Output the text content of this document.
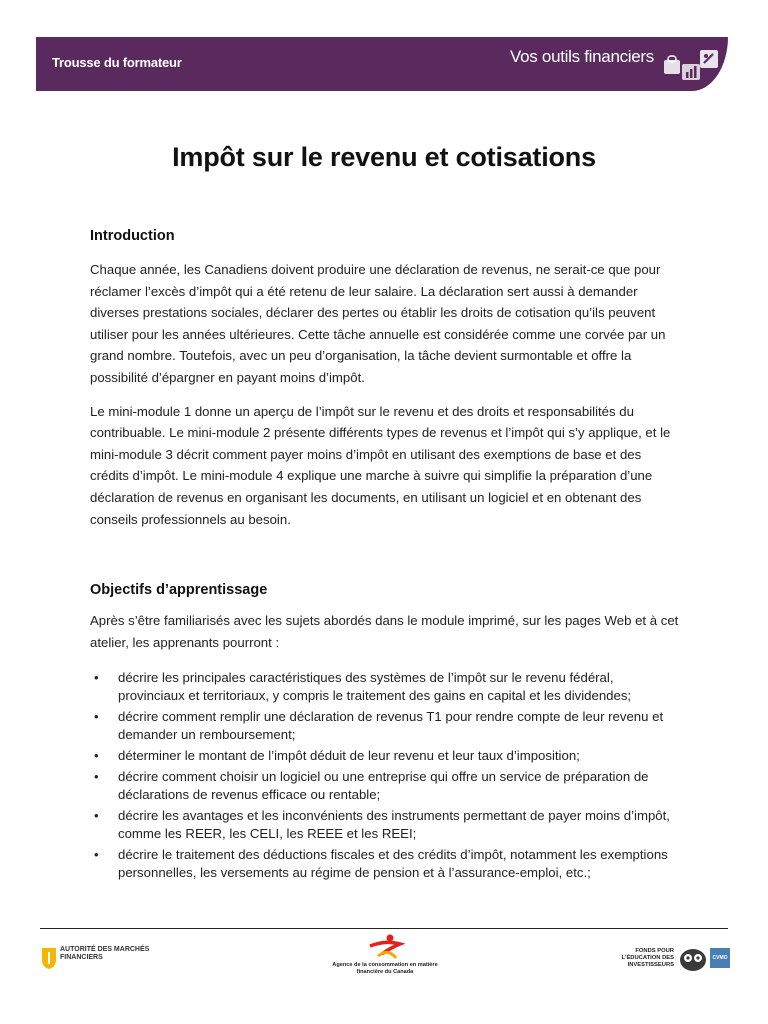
Trousse du formateur	Vos outils financiers
Impôt sur le revenu et cotisations
Introduction

Chaque année, les Canadiens doivent produire une déclaration de revenus, ne serait-ce que pour réclamer l’excès d’impôt qui a été retenu de leur salaire. La déclaration sert aussi à demander diverses prestations sociales, déclarer des pertes ou établir les droits de cotisation qu’ils peuvent utiliser pour les années ultérieures. Cette tâche annuelle est considérée comme une corvée par un grand nombre. Toutefois, avec un peu d’organisation, la tâche devient surmontable et offre la possibilité d’épargner en payant moins d’impôt.

Le mini-module 1 donne un aperçu de l’impôt sur le revenu et des droits et responsabilités du contribuable. Le mini-module 2 présente différents types de revenus et l’impôt qui s’y applique, et le mini-module 3 décrit comment payer moins d’impôt en utilisant des exemptions de base et des crédits d’impôt. Le mini-module 4 explique une marche à suivre qui simplifie la préparation d’une déclaration de revenus en organisant les documents, en utilisant un logiciel et en obtenant des conseils professionnels au besoin.

Objectifs d’apprentissage

Après s’être familiarisés avec les sujets abordés dans le module imprimé, sur les pages Web et à cet atelier, les apprenants pourront :

• décrire les principales caractéristiques des systèmes de l’impôt sur le revenu fédéral, provinciaux et territoriaux, y compris le traitement des gains en capital et les dividendes;
• décrire comment remplir une déclaration de revenus T1 pour rendre compte de leur revenu et demander un remboursement;
• déterminer le montant de l’impôt déduit de leur revenu et leur taux d’imposition;
• décrire comment choisir un logiciel ou une entreprise qui offre un service de préparation de déclarations de revenus efficace ou rentable;
• décrire les avantages et les inconvénients des instruments permettant de payer moins d’impôt, comme les REER, les CELI, les REEE et les REEI;
• décrire le traitement des déductions fiscales et des crédits d’impôt, notamment les exemptions personnelles, les versements au régime de pension et à l’assurance-emploi, etc.;
AUTORITÉ DES MARCHÉS FINANCIERS
Agence de la consommation en matière financière du Canada
FONDS POUR L’ÉDUCATION DES INVESTISSEURS
CVMO
